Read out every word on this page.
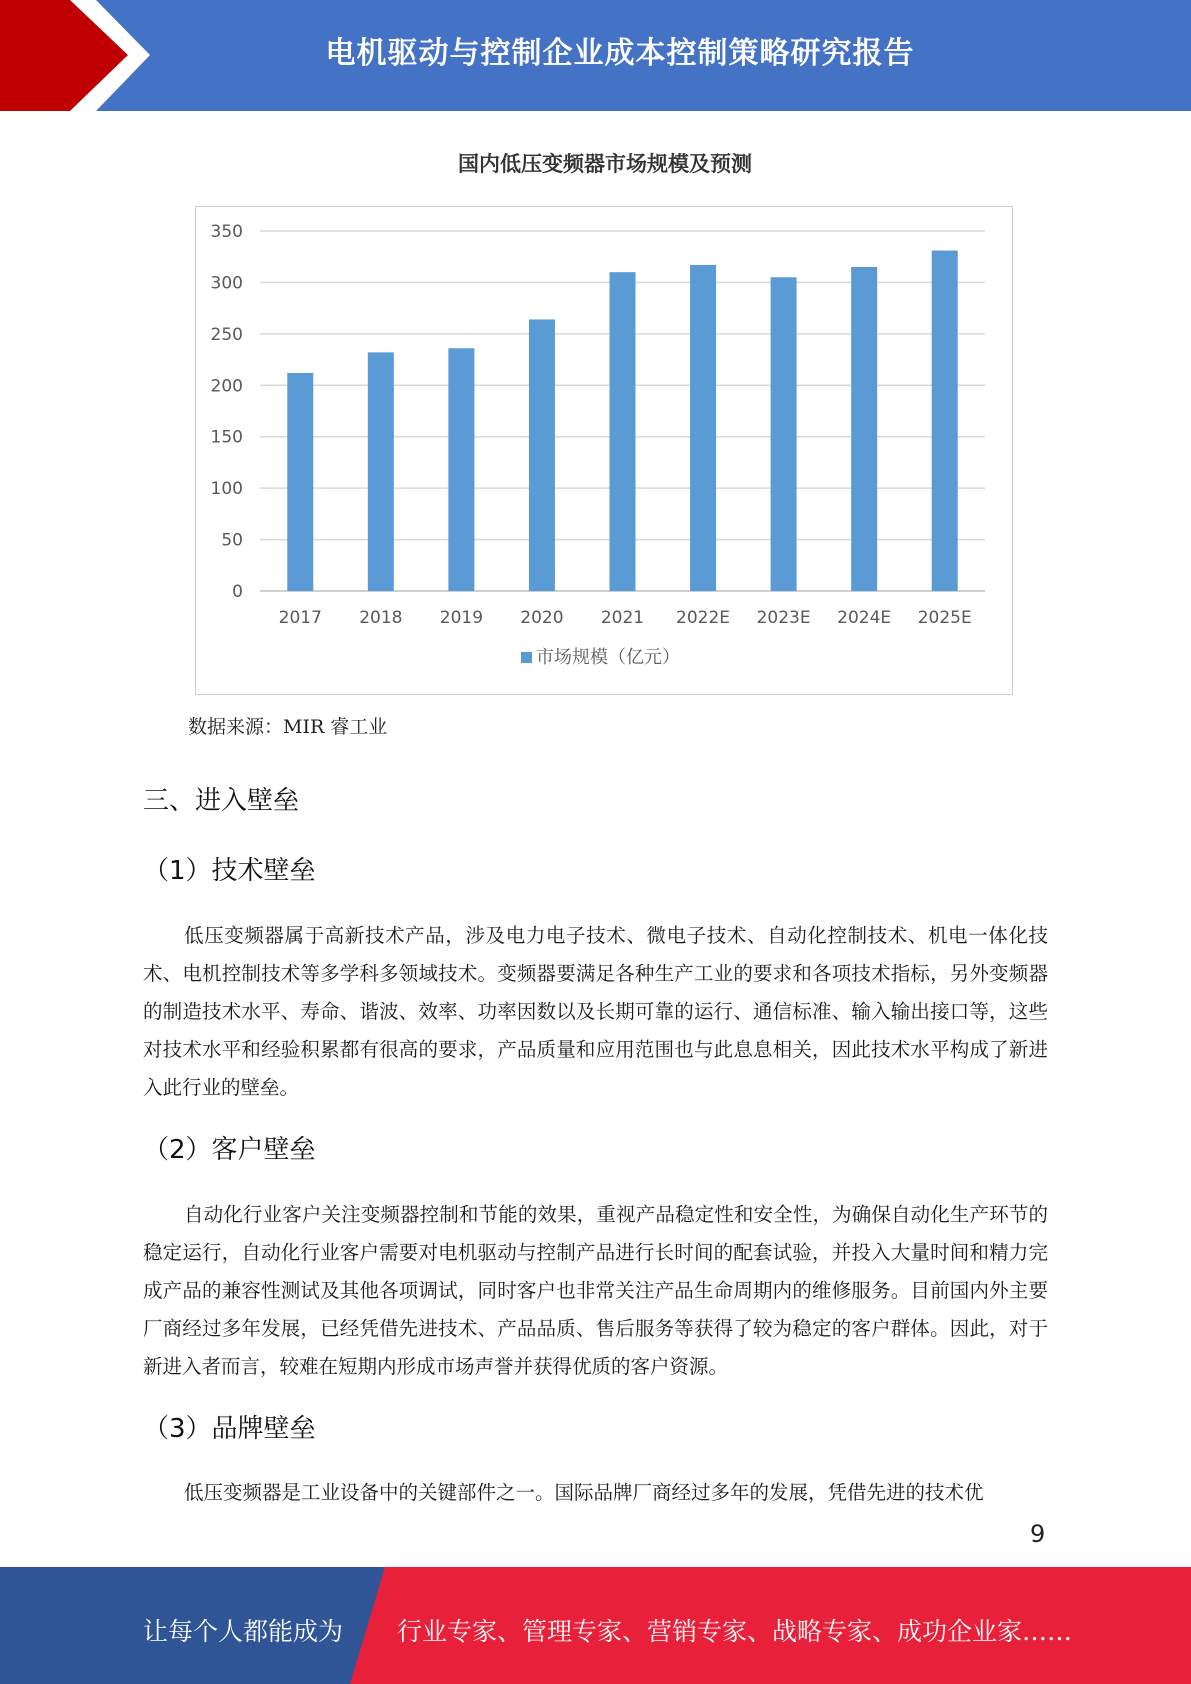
电机驱动与控制企业成本控制策略研究报告
国内低压变频器市场规模及预测
0
50
100
150
200
250
300
350
2017 2018 2019 2020 2021 2022E 2023E 2024E 2025E
市场规模（亿元）
数据来源：MIR 睿工业
三、进入壁垒
（1）技术壁垒

低压变频器属于高新技术产品，涉及电力电子技术、微电子技术、自动化控制技术、机电一体化技术、电机控制技术等多学科多领域技术。变频器要满足各种生产工业的要求和各项技术指标，另外变频器的制造技术水平、寿命、谐波、效率、功率因数以及长期可靠的运行、通信标准、输入输出接口等，这些对技术水平和经验积累都有很高的要求，产品质量和应用范围也与此息息相关，因此技术水平构成了新进入此行业的壁垒。

（2）客户壁垒

自动化行业客户关注变频器控制和节能的效果，重视产品稳定性和安全性，为确保自动化生产环节的稳定运行，自动化行业客户需要对电机驱动与控制产品进行长时间的配套试验，并投入大量时间和精力完成产品的兼容性测试及其他各项调试，同时客户也非常关注产品生命周期内的维修服务。目前国内外主要厂商经过多年发展，已经凭借先进技术、产品品质、售后服务等获得了较为稳定的客户群体。因此，对于新进入者而言，较难在短期内形成市场声誉并获得优质的客户资源。

（3）品牌壁垒

低压变频器是工业设备中的关键部件之一。国际品牌厂商经过多年的发展，凭借先进的技术优

9
让每个人都能成为 行业专家、管理专家、营销专家、战略专家、成功企业家……
